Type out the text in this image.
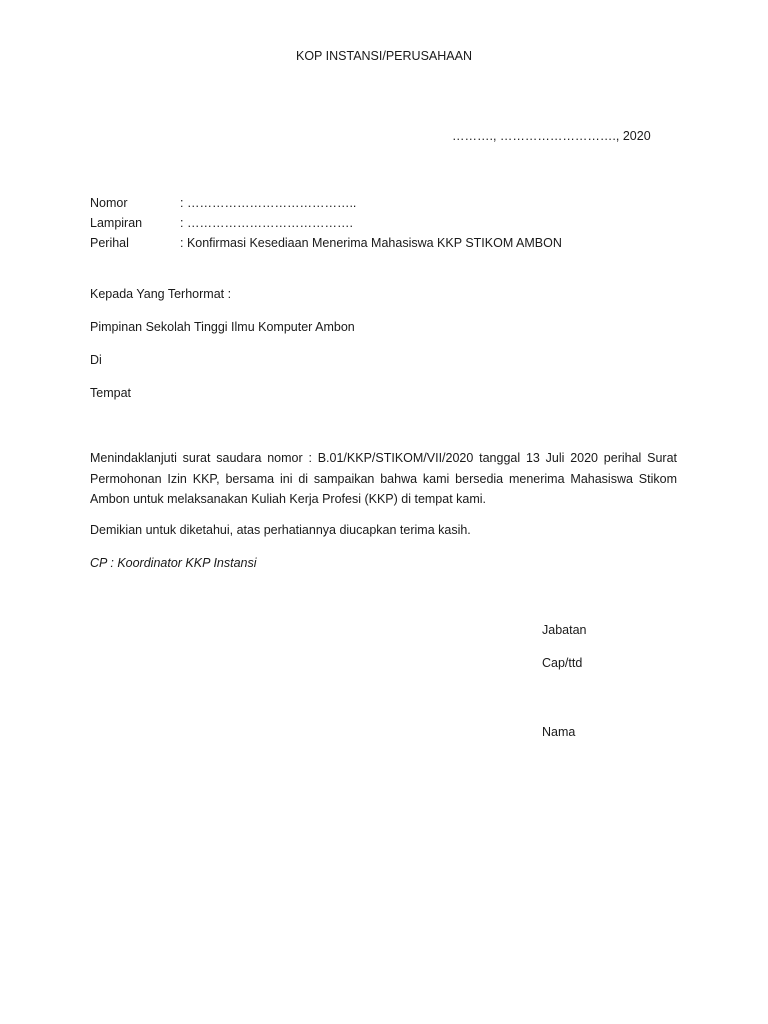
KOP INSTANSI/PERUSAHAAN
………., ………………………., 2020
Nomor	: …………………………………..
Lampiran	: ………………………………….
Perihal	: Konfirmasi Kesediaan Menerima Mahasiswa KKP STIKOM AMBON
Kepada Yang Terhormat :
Pimpinan Sekolah Tinggi Ilmu Komputer Ambon
Di
Tempat
Menindaklanjuti surat saudara nomor : B.01/KKP/STIKOM/VII/2020 tanggal 13 Juli 2020 perihal Surat Permohonan Izin KKP, bersama ini di sampaikan bahwa kami bersedia menerima Mahasiswa Stikom Ambon untuk melaksanakan Kuliah Kerja Profesi (KKP) di tempat kami.
Demikian untuk diketahui, atas perhatiannya diucapkan terima kasih.
CP : Koordinator KKP Instansi
Jabatan
Cap/ttd
Nama
